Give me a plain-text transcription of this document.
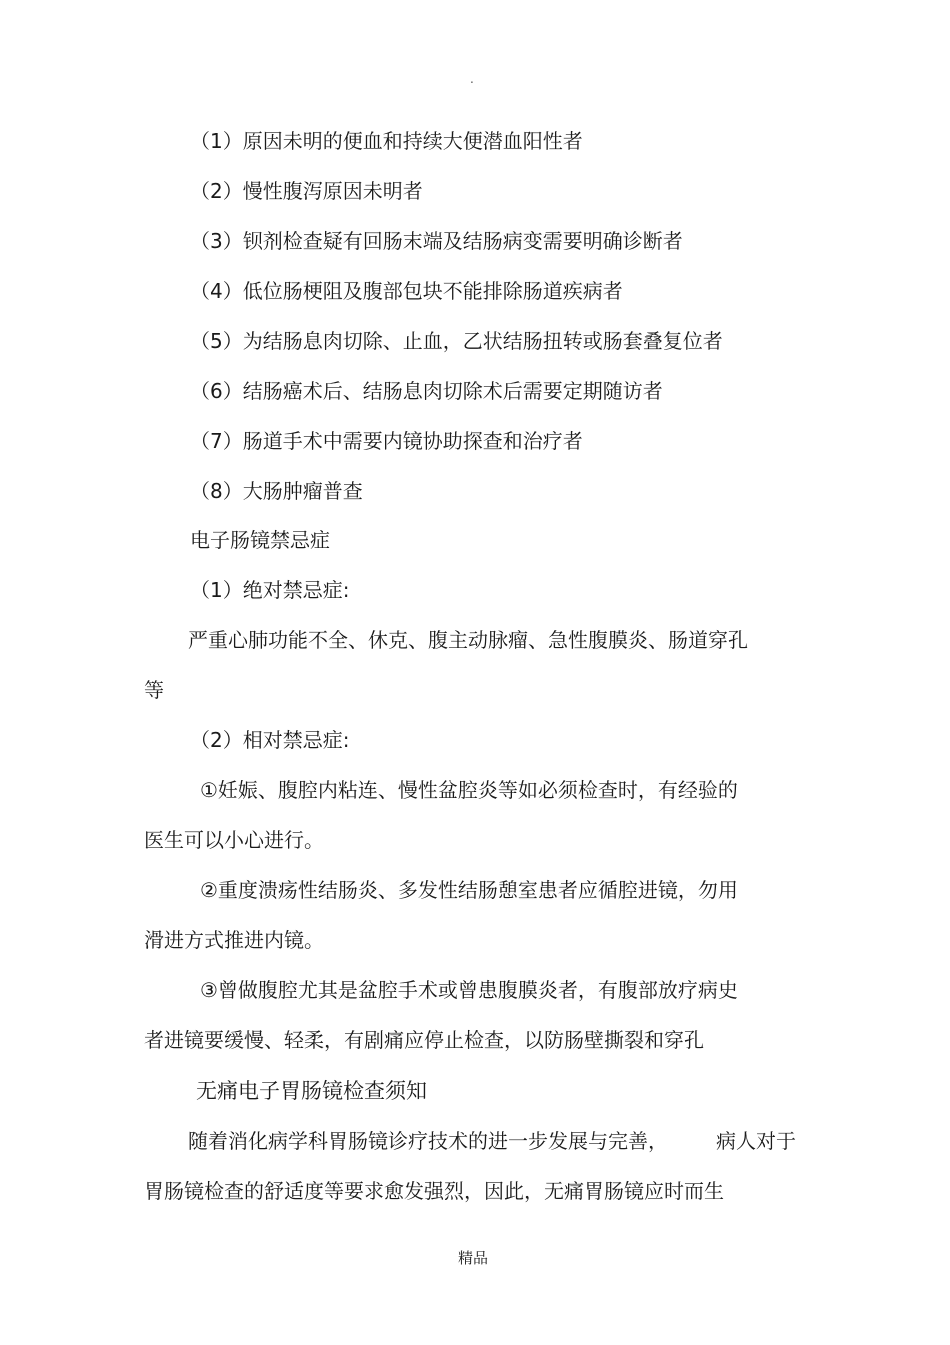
.
（1）原因未明的便血和持续大便潜血阳性者
（2）慢性腹泻原因未明者
（3）钡剂检查疑有回肠末端及结肠病变需要明确诊断者
（4）低位肠梗阻及腹部包块不能排除肠道疾病者
（5）为结肠息肉切除、止血，乙状结肠扭转或肠套叠复位者
（6）结肠癌术后、结肠息肉切除术后需要定期随访者
（7）肠道手术中需要内镜协助探查和治疗者
（8）大肠肿瘤普查
电子肠镜禁忌症
（1）绝对禁忌症:
严重心肺功能不全、休克、腹主动脉瘤、急性腹膜炎、肠道穿孔
等
（2）相对禁忌症:
①妊娠、腹腔内粘连、慢性盆腔炎等如必须检查时，有经验的
医生可以小心进行。
②重度溃疡性结肠炎、多发性结肠憩室患者应循腔进镜，勿用
滑进方式推进内镜。
③曾做腹腔尤其是盆腔手术或曾患腹膜炎者，有腹部放疗病史
者进镜要缓慢、轻柔，有剧痛应停止检查，以防肠壁撕裂和穿孔
无痛电子胃肠镜检查须知
随着消化病学科胃肠镜诊疗技术的进一步发展与完善， 病人对于
胃肠镜检查的舒适度等要求愈发强烈，因此，无痛胃肠镜应时而生
精品
